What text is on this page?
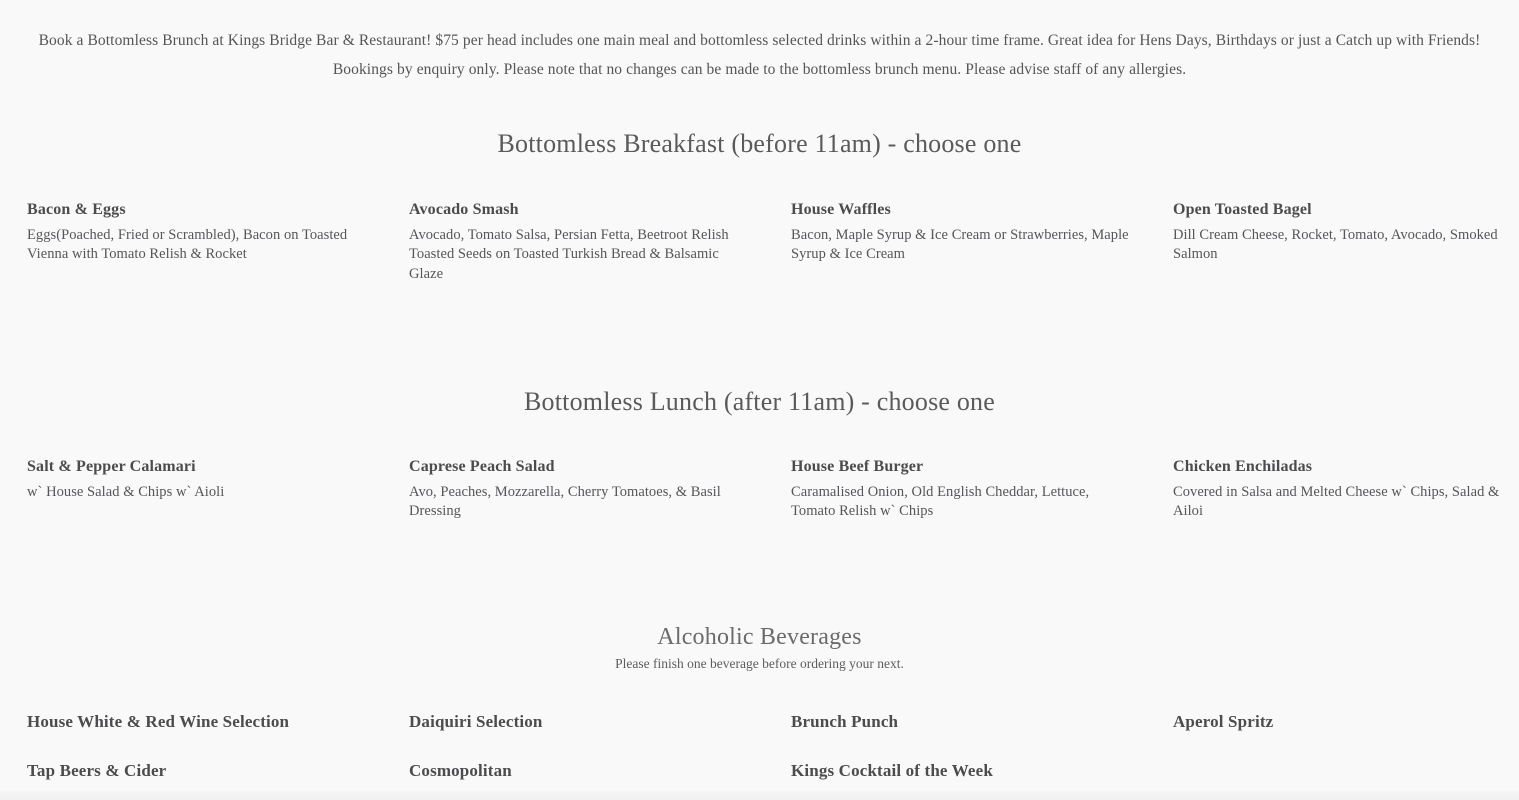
Book a Bottomless Brunch at Kings Bridge Bar & Restaurant! $75 per head includes one main meal and bottomless selected drinks within a 2-hour time frame. Great idea for Hens Days, Birthdays or just a Catch up with Friends! Bookings by enquiry only. Please note that no changes can be made to the bottomless brunch menu. Please advise staff of any allergies.

Bottomless Breakfast (before 11am) - choose one
Bacon & Eggs
Eggs(Poached, Fried or Scrambled), Bacon on Toasted Vienna with Tomato Relish & Rocket
Avocado Smash
Avocado, Tomato Salsa, Persian Fetta, Beetroot Relish Toasted Seeds on Toasted Turkish Bread & Balsamic Glaze
House Waffles
Bacon, Maple Syrup & Ice Cream or Strawberries, Maple Syrup & Ice Cream
Open Toasted Bagel
Dill Cream Cheese, Rocket, Tomato, Avocado, Smoked Salmon
Bottomless Lunch (after 11am) - choose one
Salt & Pepper Calamari
w` House Salad & Chips w` Aioli
Caprese Peach Salad
Avo, Peaches, Mozzarella, Cherry Tomatoes, & Basil Dressing
House Beef Burger
Caramalised Onion, Old English Cheddar, Lettuce, Tomato Relish w` Chips
Chicken Enchiladas
Covered in Salsa and Melted Cheese w` Chips, Salad & Ailoi
Alcoholic Beverages

Please finish one beverage before ordering your next.

House White & Red Wine Selection
Tap Beers & Cider
Daiquiri Selection
Cosmopolitan
Brunch Punch
Kings Cocktail of the Week
Aperol Spritz
